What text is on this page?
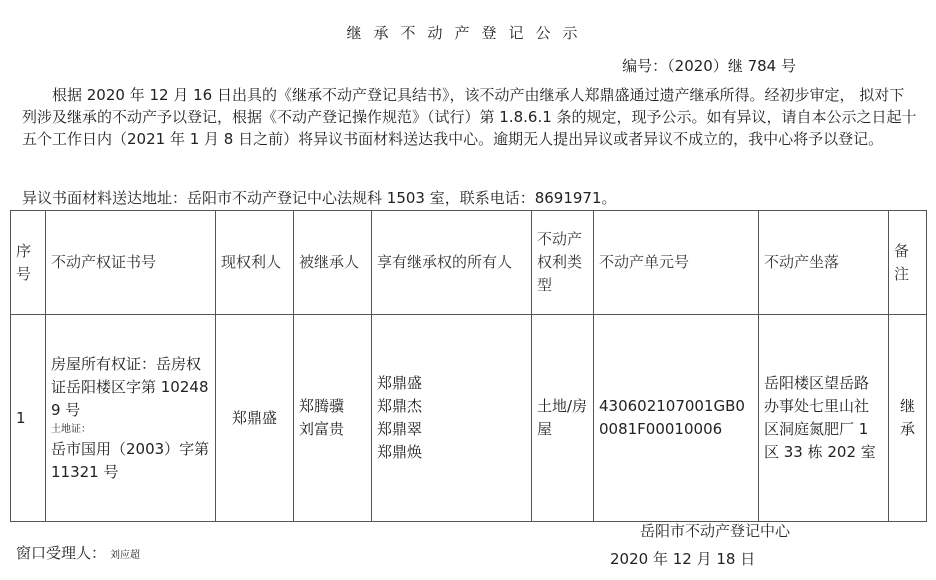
继承不动产登记公示
编号：（2020）继 784 号

根据 2020 年 12 月 16 日出具的《继承不动产登记具结书》，该不动产由继承人郑鼎盛通过遗产继承所得。经初步审定， 拟对下列涉及继承的不动产予以登记，根据《不动产登记操作规范》（试行）第 1.8.6.1 条的规定，现予公示。如有异议，请自本公示之日起十五个工作日内（2021 年 1 月 8 日之前）将异议书面材料送达我中心。逾期无人提出异议或者异议不成立的，我中心将予以登记。

异议书面材料送达地址：岳阳市不动产登记中心法规科 1503 室，联系电话：8691971。
序号	不动产权证书号	现权利人	被继承人	享有继承权的所有人	不动产权利类型	不动产单元号	不动产坐落	备注
1	房屋所有权证：岳房权证岳阳楼区字第 102489 号
土地证：
岳市国用（2003）字第 11321 号	郑鼎盛	郑腾骥
刘富贵	郑鼎盛
郑鼎杰
郑鼎翠
郑鼎焕	土地/房屋	430602107001GB00081F00010006	岳阳楼区望岳路办事处七里山社区洞庭氮肥厂 1 区 33 栋 202 室	继承
窗口受理人： 刘应超
岳阳市不动产登记中心
2020 年 12 月 18 日
